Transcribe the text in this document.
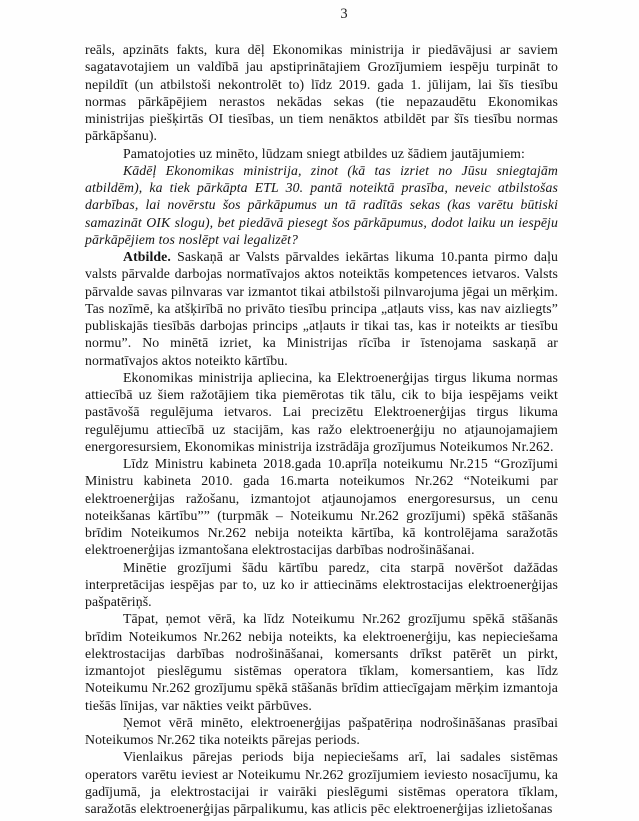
3

reāls, apzināts fakts, kura dēļ Ekonomikas ministrija ir piedāvājusi ar saviem sagatavotajiem un valdībā jau apstiprinātajiem Grozījumiem iespēju turpināt to nepildīt (un atbilstoši nekontrolēt to) līdz 2019. gada 1. jūlijam, lai šīs tiesību normas pārkāpējiem nerastos nekādas sekas (tie nepazaudētu Ekonomikas ministrijas piešķirtās OI tiesības, un tiem nenāktos atbildēt par šīs tiesību normas pārkāpšanu).

Pamatojoties uz minēto, lūdzam sniegt atbildes uz šādiem jautājumiem:

Kādēļ Ekonomikas ministrija, zinot (kā tas izriet no Jūsu sniegtajām atbildēm), ka tiek pārkāpta ETL 30. pantā noteiktā prasība, neveic atbilstošas darbības, lai novērstu šos pārkāpumus un tā radītās sekas (kas varētu būtiski samazināt OIK slogu), bet piedāvā piesegt šos pārkāpumus, dodot laiku un iespēju pārkāpējiem tos noslēpt vai legalizēt?

Atbilde. Saskaņā ar Valsts pārvaldes iekārtas likuma 10.panta pirmo daļu valsts pārvalde darbojas normatīvajos aktos noteiktās kompetences ietvaros. Valsts pārvalde savas pilnvaras var izmantot tikai atbilstoši pilnvarojuma jēgai un mērķim. Tas nozīmē, ka atšķirībā no privāto tiesību principa „atļauts viss, kas nav aizliegts” publiskajās tiesībās darbojas princips „atļauts ir tikai tas, kas ir noteikts ar tiesību normu”. No minētā izriet, ka Ministrijas rīcība ir īstenojama saskaņā ar normatīvajos aktos noteikto kārtību.

Ekonomikas ministrija apliecina, ka Elektroenerģijas tirgus likuma normas attiecībā uz šiem ražotājiem tika piemērotas tik tālu, cik to bija iespējams veikt pastāvošā regulējuma ietvaros. Lai precizētu Elektroenerģijas tirgus likuma regulējumu attiecībā uz stacijām, kas ražo elektroenerģiju no atjaunojamajiem energoresursiem, Ekonomikas ministrija izstrādāja grozījumus Noteikumos Nr.262.

Līdz Ministru kabineta 2018.gada 10.aprīļa noteikumu Nr.215 “Grozījumi Ministru kabineta 2010. gada 16.marta noteikumos Nr.262 “Noteikumi par elektroenerģijas ražošanu, izmantojot atjaunojamos energoresursus, un cenu noteikšanas kārtību”” (turpmāk – Noteikumu Nr.262 grozījumi) spēkā stāšanās brīdim Noteikumos Nr.262 nebija noteikta kārtība, kā kontrolējama saražotās elektroenerģijas izmantošana elektrostacijas darbības nodrošināšanai.

Minētie grozījumi šādu kārtību paredz, cita starpā novēršot dažādas interpretācijas iespējas par to, uz ko ir attiecināms elektrostacijas elektroenerģijas pašpatēriņš.

Tāpat, ņemot vērā, ka līdz Noteikumu Nr.262 grozījumu spēkā stāšanās brīdim Noteikumos Nr.262 nebija noteikts, ka elektroenerģiju, kas nepieciešama elektrostacijas darbības nodrošināšanai, komersants drīkst patērēt un pirkt, izmantojot pieslēgumu sistēmas operatora tīklam, komersantiem, kas līdz Noteikumu Nr.262 grozījumu spēkā stāšanās brīdim attiecīgajam mērķim izmantoja tiešās līnijas, var nākties veikt pārbūves.

Ņemot vērā minēto, elektroenerģijas pašpatēriņa nodrošināšanas prasībai Noteikumos Nr.262 tika noteikts pārejas periods.

Vienlaikus pārejas periods bija nepieciešams arī, lai sadales sistēmas operators varētu ieviest ar Noteikumu Nr.262 grozījumiem ieviesto nosacījumu, ka gadījumā, ja elektrostacijai ir vairāki pieslēgumi sistēmas operatora tīklam, saražotās elektroenerģijas pārpalikumu, kas atlicis pēc elektroenerģijas izlietošanas
